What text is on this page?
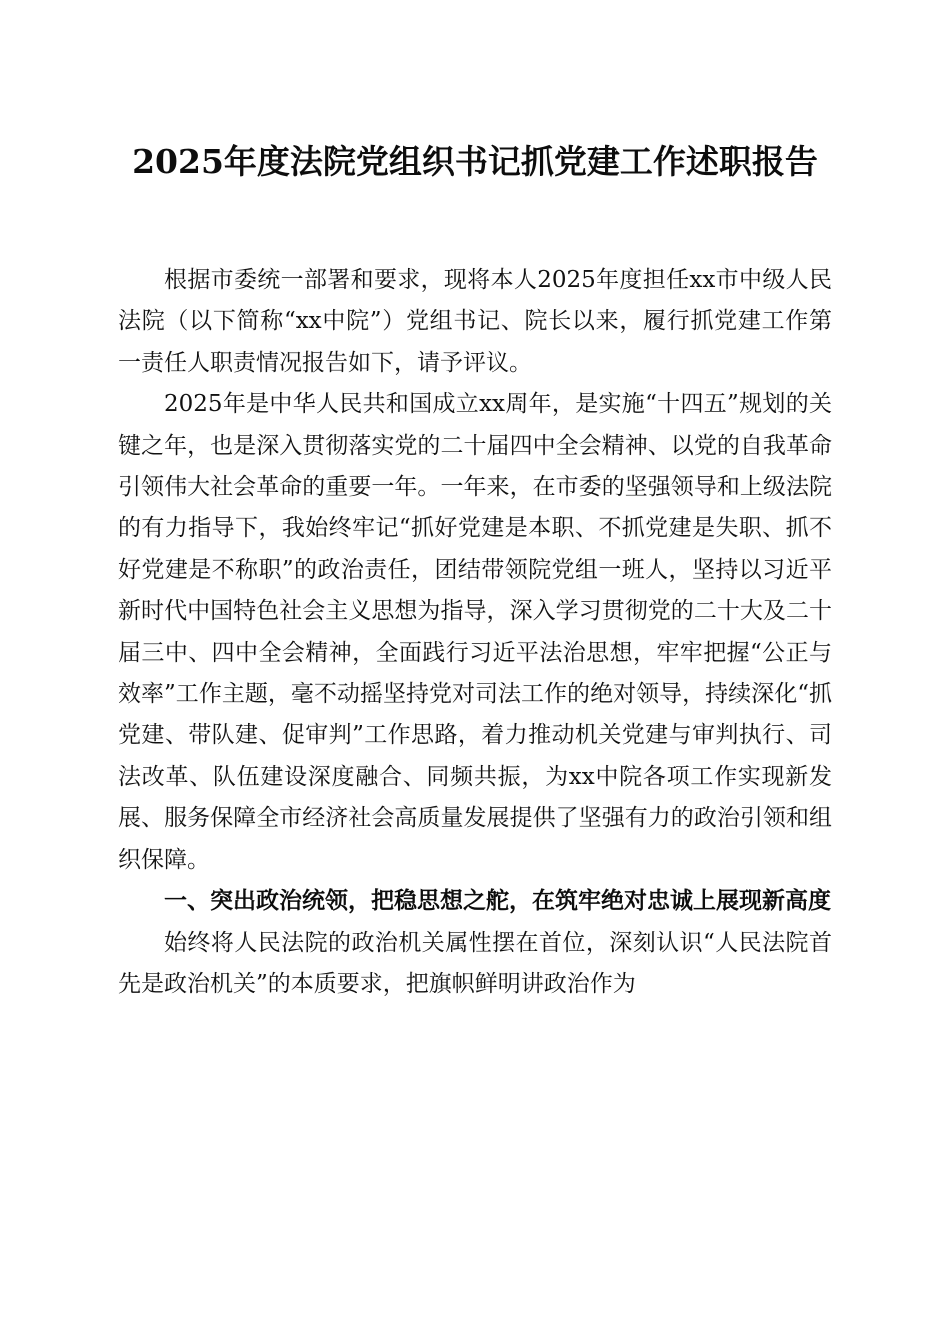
2025年度法院党组织书记抓党建工作述职报告

根据市委统一部署和要求，现将本人2025年度担任xx市中级人民法院（以下简称“xx中院”）党组书记、院长以来，履行抓党建工作第一责任人职责情况报告如下，请予评议。

2025年是中华人民共和国成立xx周年，是实施“十四五”规划的关键之年，也是深入贯彻落实党的二十届四中全会精神、以党的自我革命引领伟大社会革命的重要一年。一年来，在市委的坚强领导和上级法院的有力指导下，我始终牢记“抓好党建是本职、不抓党建是失职、抓不好党建是不称职”的政治责任，团结带领院党组一班人，坚持以习近平新时代中国特色社会主义思想为指导，深入学习贯彻党的二十大及二十届三中、四中全会精神，全面践行习近平法治思想，牢牢把握“公正与效率”工作主题，毫不动摇坚持党对司法工作的绝对领导，持续深化“抓党建、带队建、促审判”工作思路，着力推动机关党建与审判执行、司法改革、队伍建设深度融合、同频共振，为xx中院各项工作实现新发展、服务保障全市经济社会高质量发展提供了坚强有力的政治引领和组织保障。

一、突出政治统领，把稳思想之舵，在筑牢绝对忠诚上展现新高度

始终将人民法院的政治机关属性摆在首位，深刻认识“人民法院首先是政治机关”的本质要求，把旗帜鲜明讲政治作为
